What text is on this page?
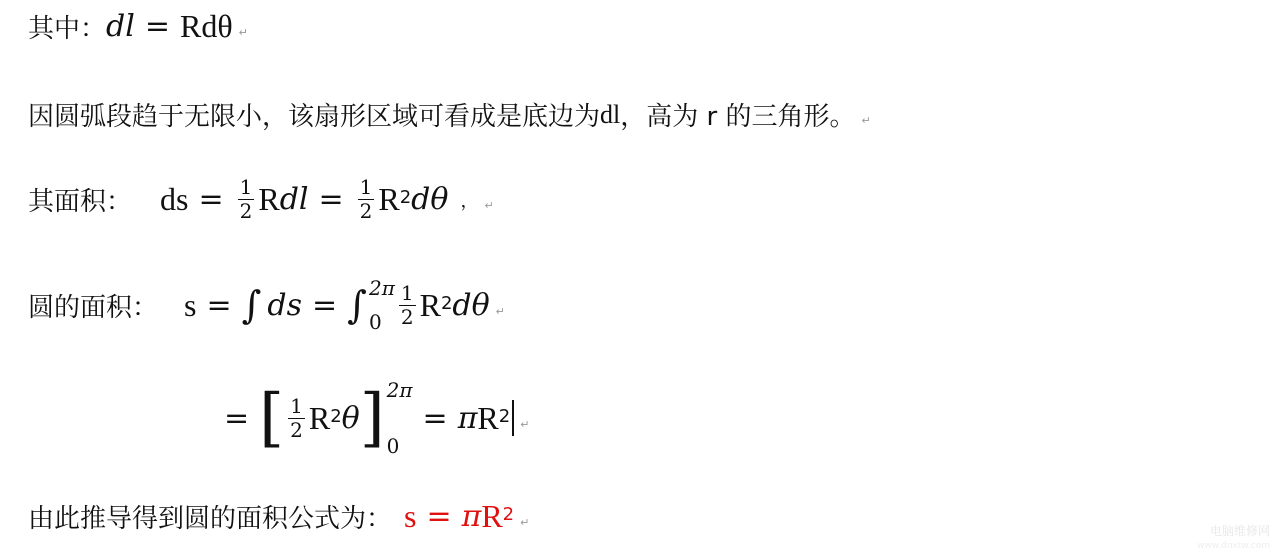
其中： dl = R dθ ↵
因圆弧段趋于无限小，该扇形区域可看成是底边为 dl ，高为 r 的三角形。 ↵
其面积： ds = $\frac{1}{2}$ R dl = $\frac{1}{2} R^2$ dθ ， ↵
圆的面积： s = ∫ ds = ∫ 2π
$0 \frac{1}{2} R^2$ dθ ↵
= [ $\frac{1}{2} R^2$ θ ] 2π
0
= π $R^2$ ↵
由此推导得到圆的面积公式为： s = π $R^2$ ↵
电脑维修网
www.dnxtw.com
